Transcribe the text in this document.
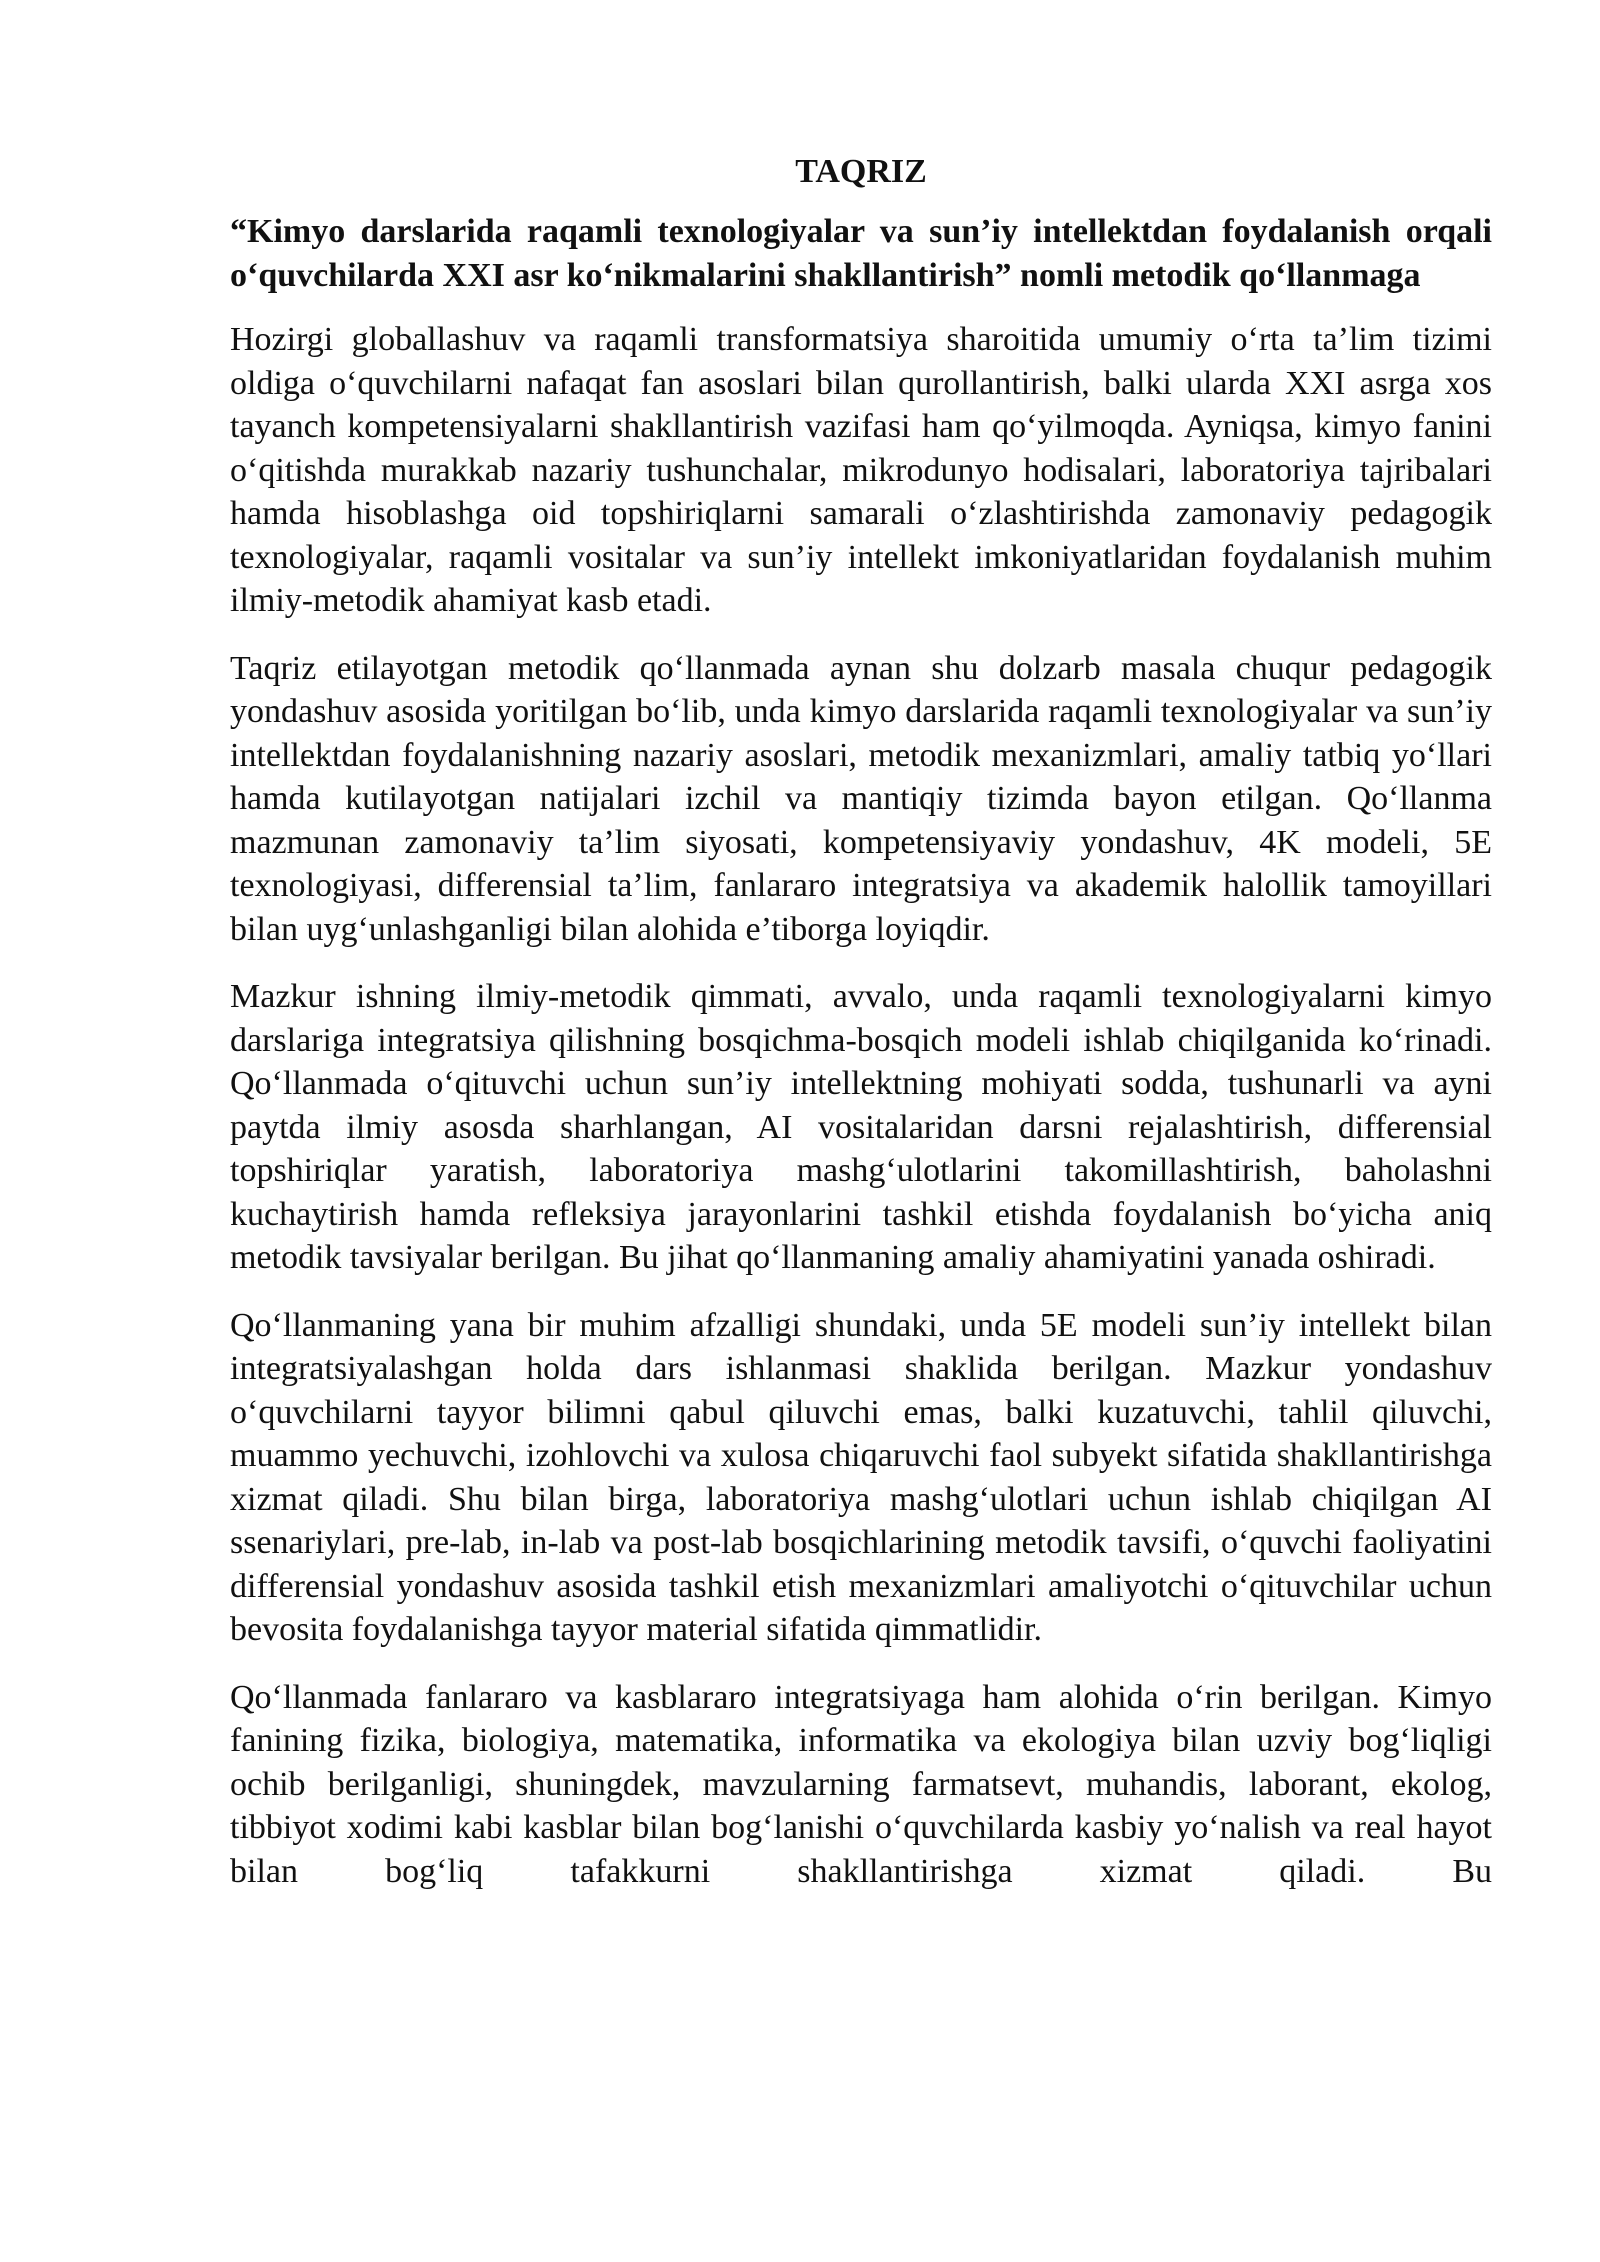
TAQRIZ
“Kimyo darslarida raqamli texnologiyalar va sun’iy intellektdan foydalanish orqali o‘quvchilarda XXI asr ko‘nikmalarini shakllantirish” nomli metodik qo‘llanmaga

Hozirgi globallashuv va raqamli transformatsiya sharoitida umumiy o‘rta ta’lim tizimi oldiga o‘quvchilarni nafaqat fan asoslari bilan qurollantirish, balki ularda XXI asrga xos tayanch kompetensiyalarni shakllantirish vazifasi ham qo‘yilmoqda. Ayniqsa, kimyo fanini o‘qitishda murakkab nazariy tushunchalar, mikrodunyo hodisalari, laboratoriya tajribalari hamda hisoblashga oid topshiriqlarni samarali o‘zlashtirishda zamonaviy pedagogik texnologiyalar, raqamli vositalar va sun’iy intellekt imkoniyatlaridan foydalanish muhim ilmiy-metodik ahamiyat kasb etadi.

Taqriz etilayotgan metodik qo‘llanmada aynan shu dolzarb masala chuqur pedagogik yondashuv asosida yoritilgan bo‘lib, unda kimyo darslarida raqamli texnologiyalar va sun’iy intellektdan foydalanishning nazariy asoslari, metodik mexanizmlari, amaliy tatbiq yo‘llari hamda kutilayotgan natijalari izchil va mantiqiy tizimda bayon etilgan. Qo‘llanma mazmunan zamonaviy ta’lim siyosati, kompetensiyaviy yondashuv, 4K modeli, 5E texnologiyasi, differensial ta’lim, fanlararo integratsiya va akademik halollik tamoyillari bilan uyg‘unlashganligi bilan alohida e’tiborga loyiqdir.

Mazkur ishning ilmiy-metodik qimmati, avvalo, unda raqamli texnologiyalarni kimyo darslariga integratsiya qilishning bosqichma-bosqich modeli ishlab chiqilganida ko‘rinadi. Qo‘llanmada o‘qituvchi uchun sun’iy intellektning mohiyati sodda, tushunarli va ayni paytda ilmiy asosda sharhlangan, AI vositalaridan darsni rejalashtirish, differensial topshiriqlar yaratish, laboratoriya mashg‘ulotlarini takomillashtirish, baholashni kuchaytirish hamda refleksiya jarayonlarini tashkil etishda foydalanish bo‘yicha aniq metodik tavsiyalar berilgan. Bu jihat qo‘llanmaning amaliy ahamiyatini yanada oshiradi.

Qo‘llanmaning yana bir muhim afzalligi shundaki, unda 5E modeli sun’iy intellekt bilan integratsiyalashgan holda dars ishlanmasi shaklida berilgan. Mazkur yondashuv o‘quvchilarni tayyor bilimni qabul qiluvchi emas, balki kuzatuvchi, tahlil qiluvchi, muammo yechuvchi, izohlovchi va xulosa chiqaruvchi faol subyekt sifatida shakllantirishga xizmat qiladi. Shu bilan birga, laboratoriya mashg‘ulotlari uchun ishlab chiqilgan AI ssenariylari, pre-lab, in-lab va post-lab bosqichlarining metodik tavsifi, o‘quvchi faoliyatini differensial yondashuv asosida tashkil etish mexanizmlari amaliyotchi o‘qituvchilar uchun bevosita foydalanishga tayyor material sifatida qimmatlidir.

Qo‘llanmada fanlararo va kasblararo integratsiyaga ham alohida o‘rin berilgan. Kimyo fanining fizika, biologiya, matematika, informatika va ekologiya bilan uzviy bog‘liqligi ochib berilganligi, shuningdek, mavzularning farmatsevt, muhandis, laborant, ekolog, tibbiyot xodimi kabi kasblar bilan bog‘lanishi o‘quvchilarda kasbiy yo‘nalish va real hayot bilan bog‘liq tafakkurni shakllantirishga xizmat qiladi. Bu
